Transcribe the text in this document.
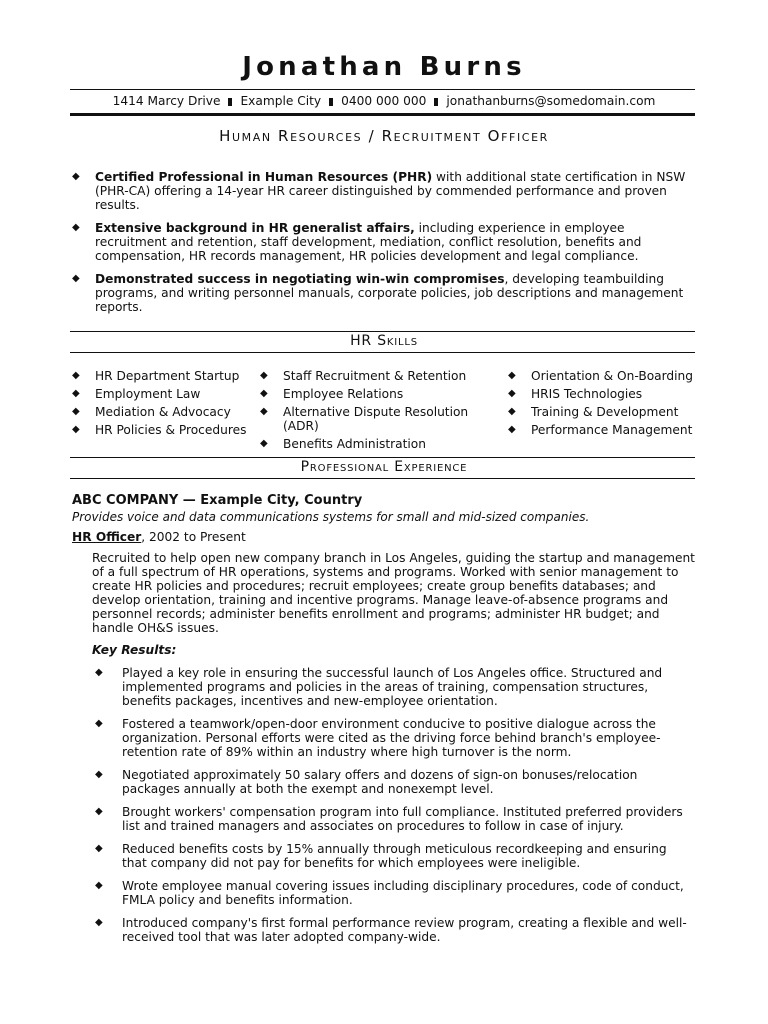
Jonathan Burns
1414 Marcy Drive Example City 0400 000 000 jonathanburns@somedomain.com
Human Resources / Recruitment Officer
◆ Certified Professional in Human Resources (PHR) with additional state certification in NSW (PHR-CA) offering a 14-year HR career distinguished by commended performance and proven results.
◆ Extensive background in HR generalist affairs, including experience in employee recruitment and retention, staff development, mediation, conflict resolution, benefits and compensation, HR records management, HR policies development and legal compliance.
◆ Demonstrated success in negotiating win-win compromises, developing teambuilding programs, and writing personnel manuals, corporate policies, job descriptions and management reports.
HR Skills
◆ HR Department Startup
◆ Employment Law
◆ Mediation & Advocacy
◆ HR Policies & Procedures
◆ Staff Recruitment & Retention
◆ Employee Relations
◆ Alternative Dispute Resolution (ADR)
◆ Benefits Administration
◆ Orientation & On-Boarding
◆ HRIS Technologies
◆ Training & Development
◆ Performance Management
Professional Experience
ABC COMPANY — Example City, Country
Provides voice and data communications systems for small and mid-sized companies.
HR Officer, 2002 to Present
Recruited to help open new company branch in Los Angeles, guiding the startup and management of a full spectrum of HR operations, systems and programs. Worked with senior management to create HR policies and procedures; recruit employees; create group benefits databases; and develop orientation, training and incentive programs. Manage leave-of-absence programs and personnel records; administer benefits enrollment and programs; administer HR budget; and handle OH&S issues.
Key Results:
◆ Played a key role in ensuring the successful launch of Los Angeles office. Structured and implemented programs and policies in the areas of training, compensation structures, benefits packages, incentives and new-employee orientation.
◆ Fostered a teamwork/open-door environment conducive to positive dialogue across the organization. Personal efforts were cited as the driving force behind branch's employee-retention rate of 89% within an industry where high turnover is the norm.
◆ Negotiated approximately 50 salary offers and dozens of sign-on bonuses/relocation packages annually at both the exempt and nonexempt level.
◆ Brought workers' compensation program into full compliance. Instituted preferred providers list and trained managers and associates on procedures to follow in case of injury.
◆ Reduced benefits costs by 15% annually through meticulous recordkeeping and ensuring that company did not pay for benefits for which employees were ineligible.
◆ Wrote employee manual covering issues including disciplinary procedures, code of conduct, FMLA policy and benefits information.
◆ Introduced company's first formal performance review program, creating a flexible and well-received tool that was later adopted company-wide.
